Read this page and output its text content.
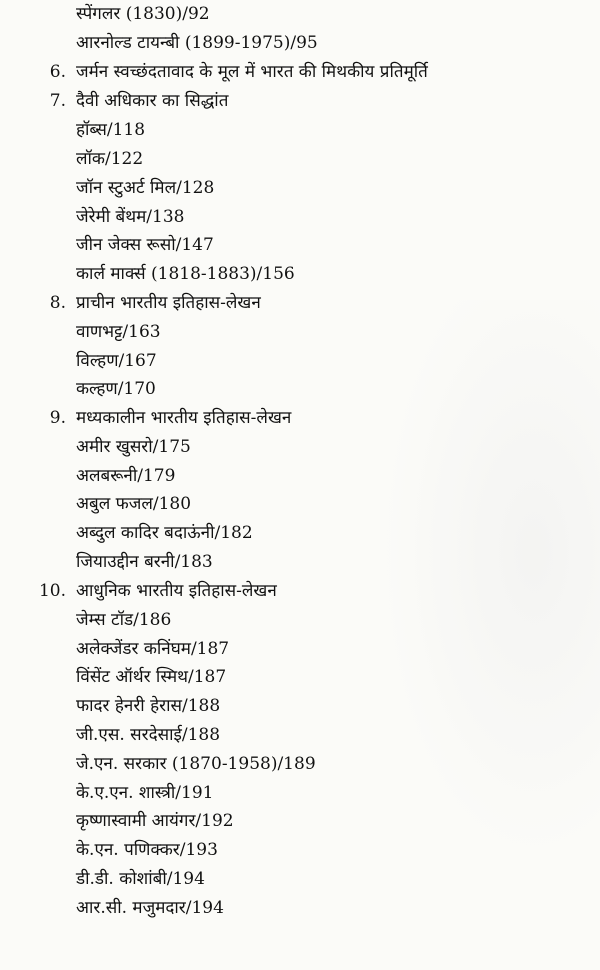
स्पेंगलर (1830)/92
आरनोल्ड टायन्बी (1899-1975)/95
6. जर्मन स्वच्छंदतावाद के मूल में भारत की मिथकीय प्रतिमूर्ति
7. दैवी अधिकार का सिद्धांत
हॉब्स/118
लॉक/122
जॉन स्टुअर्ट मिल/128
जेरेमी बेंथम/138
जीन जेक्स रूसो/147
कार्ल मार्क्स (1818-1883)/156
8. प्राचीन भारतीय इतिहास-लेखन
वाणभट्ट/163
विल्हण/167
कल्हण/170
9. मध्यकालीन भारतीय इतिहास-लेखन
अमीर खुसरो/175
अलबरूनी/179
अबुल फजल/180
अब्दुल कादिर बदाऊंनी/182
जियाउद्दीन बरनी/183
10. आधुनिक भारतीय इतिहास-लेखन
जेम्स टॉड/186
अलेक्जेंडर कनिंघम/187
विंसेंट ऑर्थर स्मिथ/187
फादर हेनरी हेरास/188
जी.एस. सरदेसाई/188
जे.एन. सरकार (1870-1958)/189
के.ए.एन. शास्त्री/191
कृष्णास्वामी आयंगर/192
के.एन. पणिक्कर/193
डी.डी. कोशांबी/194
आर.सी. मजुमदार/194
